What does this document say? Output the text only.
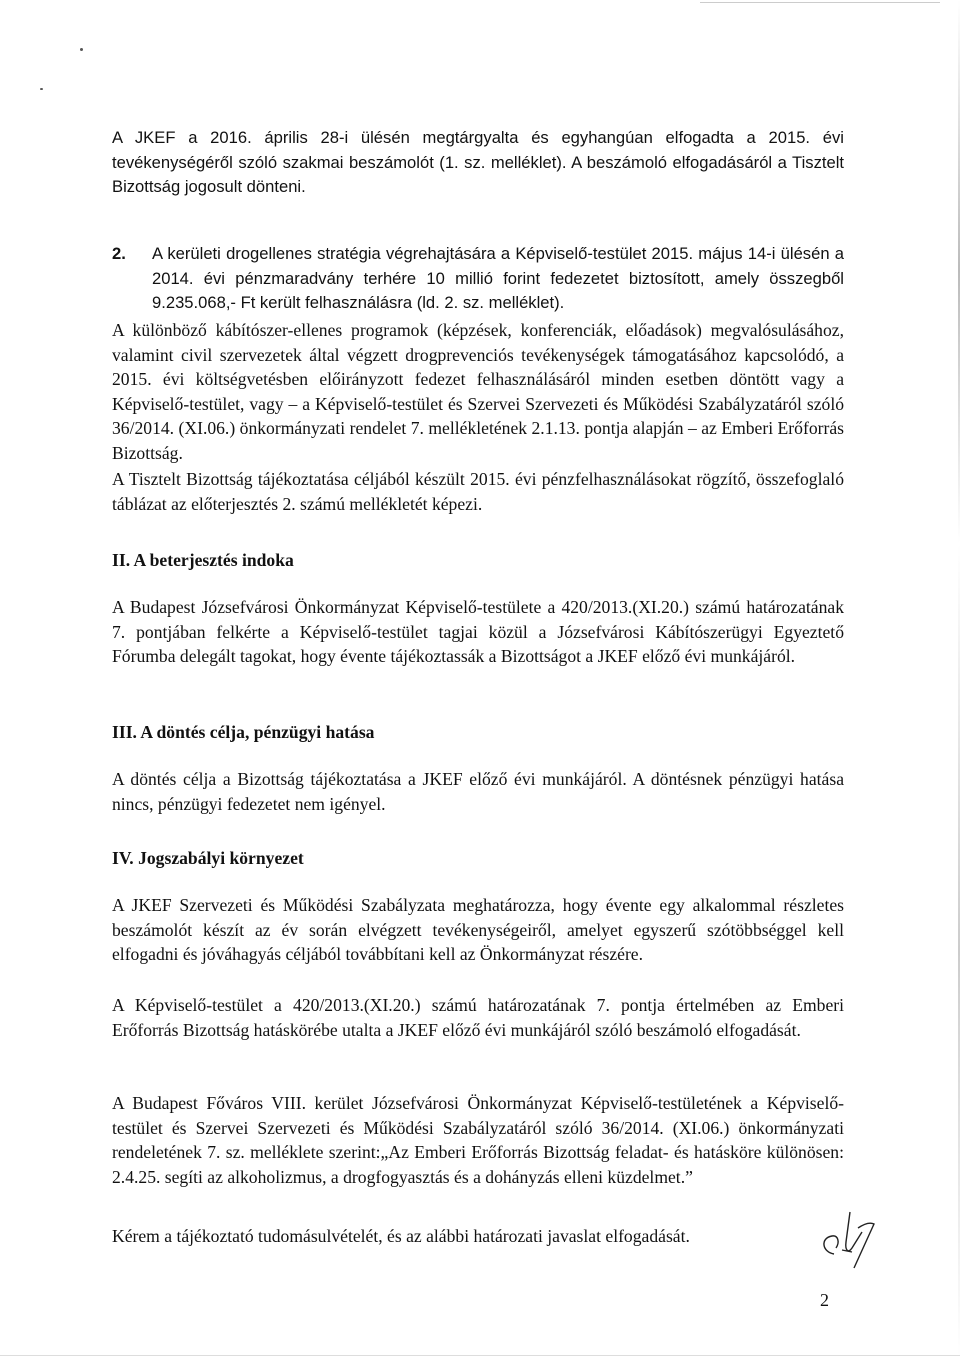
A JKEF a 2016. április 28-i ülésén megtárgyalta és egyhangúan elfogadta a 2015. évi tevékenységéről szóló szakmai beszámolót (1. sz. melléklet). A beszámoló elfogadásáról a Tisztelt Bizottság jogosult dönteni.

2.	A kerületi drogellenes stratégia végrehajtására a Képviselő-testület 2015. május 14-i ülésén a 2014. évi pénzmaradvány terhére 10 millió forint fedezetet biztosított, amely összegből 9.235.068,- Ft került felhasználásra (ld. 2. sz. melléklet).

A különböző kábítószer-ellenes programok (képzések, konferenciák, előadások) megvalósulásához, valamint civil szervezetek által végzett drogprevenciós tevékenységek támogatásához kapcsolódó, a 2015. évi költségvetésben előirányzott fedezet felhasználásáról minden esetben döntött vagy a Képviselő-testület, vagy – a Képviselő-testület és Szervei Szervezeti és Működési Szabályzatáról szóló 36/2014. (XI.06.) önkormányzati rendelet 7. mellékletének 2.1.13. pontja alapján – az Emberi Erőforrás Bizottság.

A Tisztelt Bizottság tájékoztatása céljából készült 2015. évi pénzfelhasználásokat rögzítő, összefoglaló táblázat az előterjesztés 2. számú mellékletét képezi.

II. A beterjesztés indoka

A Budapest Józsefvárosi Önkormányzat Képviselő-testülete a 420/2013.(XI.20.) számú határozatának 7. pontjában felkérte a Képviselő-testület tagjai közül a Józsefvárosi Kábítószerügyi Egyeztető Fórumba delegált tagokat, hogy évente tájékoztassák a Bizottságot a JKEF előző évi munkájáról.

III. A döntés célja, pénzügyi hatása

A döntés célja a Bizottság tájékoztatása a JKEF előző évi munkájáról. A döntésnek pénzügyi hatása nincs, pénzügyi fedezetet nem igényel.

IV. Jogszabályi környezet

A JKEF Szervezeti és Működési Szabályzata meghatározza, hogy évente egy alkalommal részletes beszámolót készít az év során elvégzett tevékenységeiről, amelyet egyszerű szótöbbséggel kell elfogadni és jóváhagyás céljából továbbítani kell az Önkormányzat részére.

A Képviselő-testület a 420/2013.(XI.20.) számú határozatának 7. pontja értelmében az Emberi Erőforrás Bizottság hatáskörébe utalta a JKEF előző évi munkájáról szóló beszámoló elfogadását.

A Budapest Főváros VIII. kerület Józsefvárosi Önkormányzat Képviselő-testületének a Képviselő-testület és Szervei Szervezeti és Működési Szabályzatáról szóló 36/2014. (XI.06.) önkormányzati rendeletének 7. sz. melléklete szerint:„Az Emberi Erőforrás Bizottság feladat- és hatásköre különösen: 2.4.25. segíti az alkoholizmus, a drogfogyasztás és a dohányzás elleni küzdelmet.”

Kérem a tájékoztató tudomásulvételét, és az alábbi határozati javaslat elfogadását.

2
